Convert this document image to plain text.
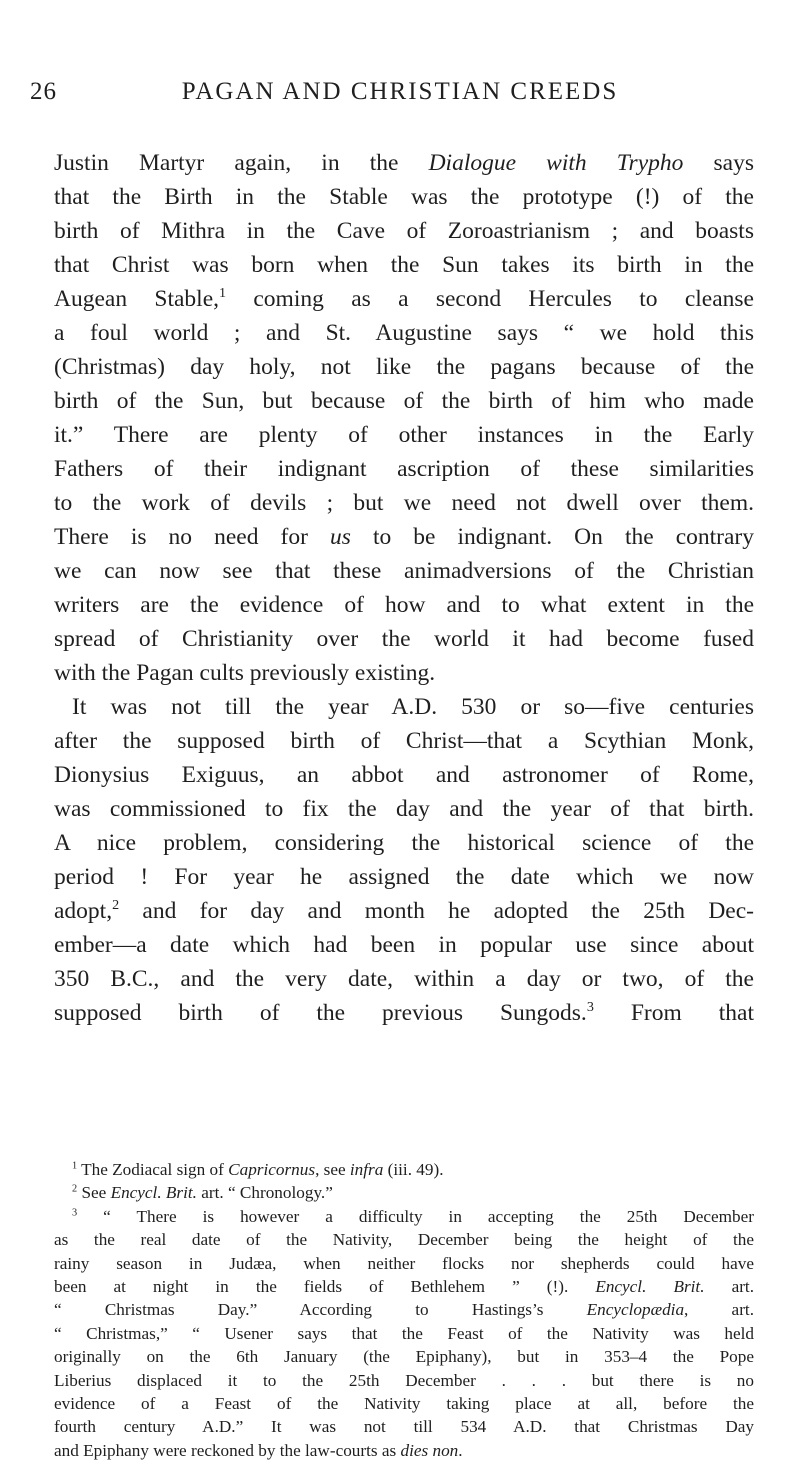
26	PAGAN AND CHRISTIAN CREEDS
Justin Martyr again, in the Dialogue with Trypho says
that the Birth in the Stable was the prototype (!) of the
birth of Mithra in the Cave of Zoroastrianism ; and boasts
that Christ was born when the Sun takes its birth in the
Augean Stable,$^1$ coming as a second Hercules to cleanse
a foul world ; and St. Augustine says “ we hold this
(Christmas) day holy, not like the pagans because of the
birth of the Sun, but because of the birth of him who made
it.” There are plenty of other instances in the Early
Fathers of their indignant ascription of these similarities
to the work of devils ; but we need not dwell over them.
There is no need for us to be indignant. On the contrary
we can now see that these animadversions of the Christian
writers are the evidence of how and to what extent in the
spread of Christianity over the world it had become fused
with the Pagan cults previously existing.
It was not till the year A.D. 530 or so—five centuries
after the supposed birth of Christ—that a Scythian Monk,
Dionysius Exiguus, an abbot and astronomer of Rome,
was commissioned to fix the day and the year of that birth.
A nice problem, considering the historical science of the
period ! For year he assigned the date which we now
adopt,$^2$ and for day and month he adopted the 25th Dec-
ember—a date which had been in popular use since about
350 B.C., and the very date, within a day or two, of the
supposed birth of the previous Sungods.$^3$ From that
$^1$ The Zodiacal sign of Capricornus, see infra (iii. 49).
$^2$ See Encycl. Brit. art. “ Chronology.”
$^3$ “ There is however a difficulty in accepting the 25th December
as the real date of the Nativity, December being the height of the
rainy season in Judæa, when neither flocks nor shepherds could have
been at night in the fields of Bethlehem ” (!). Encycl. Brit. art.
“ Christmas Day.” According to Hastings’s Encyclopædia, art.
“ Christmas,” “ Usener says that the Feast of the Nativity was held
originally on the 6th January (the Epiphany), but in 353–4 the Pope
Liberius displaced it to the 25th December . . . but there is no
evidence of a Feast of the Nativity taking place at all, before the
fourth century A.D.” It was not till 534 A.D. that Christmas Day
and Epiphany were reckoned by the law-courts as dies non.
